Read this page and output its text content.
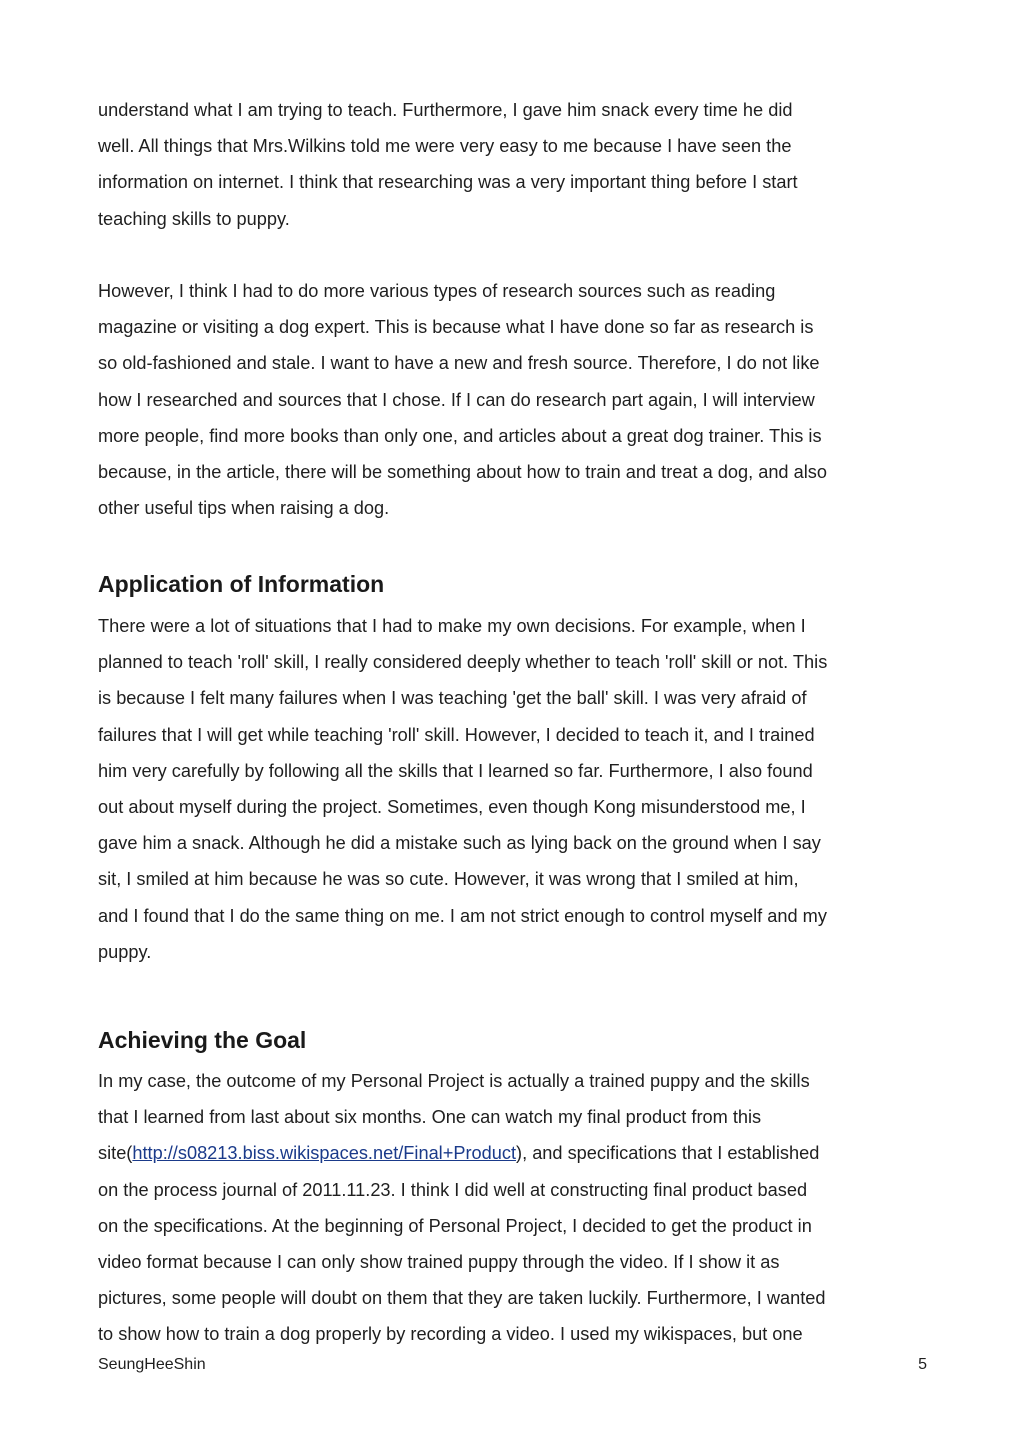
understand what I am trying to teach. Furthermore, I gave him snack every time he did
well. All things that Mrs.Wilkins told me were very easy to me because I have seen the
information on internet. I think that researching was a very important thing before I start
teaching skills to puppy.
However, I think I had to do more various types of research sources such as reading
magazine or visiting a dog expert. This is because what I have done so far as research is
so old-fashioned and stale. I want to have a new and fresh source. Therefore, I do not like
how I researched and sources that I chose. If I can do research part again, I will interview
more people, find more books than only one, and articles about a great dog trainer. This is
because, in the article, there will be something about how to train and treat a dog, and also
other useful tips when raising a dog.
Application of Information
There were a lot of situations that I had to make my own decisions. For example, when I
planned to teach 'roll' skill, I really considered deeply whether to teach 'roll' skill or not. This
is because I felt many failures when I was teaching 'get the ball' skill. I was very afraid of
failures that I will get while teaching 'roll' skill. However, I decided to teach it, and I trained
him very carefully by following all the skills that I learned so far. Furthermore, I also found
out about myself during the project. Sometimes, even though Kong misunderstood me, I
gave him a snack. Although he did a mistake such as lying back on the ground when I say
sit, I smiled at him because he was so cute. However, it was wrong that I smiled at him,
and I found that I do the same thing on me. I am not strict enough to control myself and my
puppy.
Achieving the Goal
In my case, the outcome of my Personal Project is actually a trained puppy and the skills
that I learned from last about six months. One can watch my final product from this
site(http://s08213.biss.wikispaces.net/Final+Product), and specifications that I established
on the process journal of 2011.11.23. I think I did well at constructing final product based
on the specifications. At the beginning of Personal Project, I decided to get the product in
video format because I can only show trained puppy through the video. If I show it as
pictures, some people will doubt on them that they are taken luckily. Furthermore, I wanted
to show how to train a dog properly by recording a video. I used my wikispaces, but one
SeungHeeShin	5
